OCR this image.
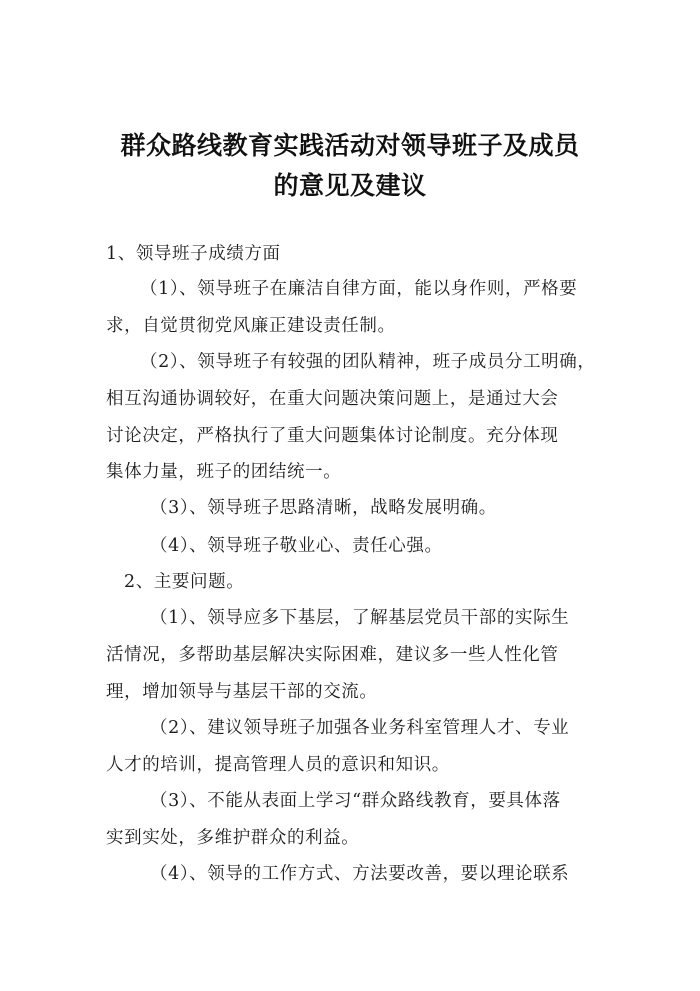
群众路线教育实践活动对领导班子及成员
的意见及建议
1、领导班子成绩方面
（1）、领导班子在廉洁自律方面，能以身作则，严格要
求，自觉贯彻党风廉正建设责任制。
（2）、领导班子有较强的团队精神，班子成员分工明确，
相互沟通协调较好，在重大问题决策问题上，是通过大会
讨论决定，严格执行了重大问题集体讨论制度。充分体现
集体力量，班子的团结统一。
（3）、领导班子思路清晰，战略发展明确。
（4）、领导班子敬业心、责任心强。
2、主要问题。
（1）、领导应多下基层，了解基层党员干部的实际生
活情况，多帮助基层解决实际困难，建议多一些人性化管
理，增加领导与基层干部的交流。
（2）、建议领导班子加强各业务科室管理人才、专业
人才的培训，提高管理人员的意识和知识。
（3）、不能从表面上学习“群众路线教育，要具体落
实到实处，多维护群众的利益。
（4）、领导的工作方式、方法要改善，要以理论联系
